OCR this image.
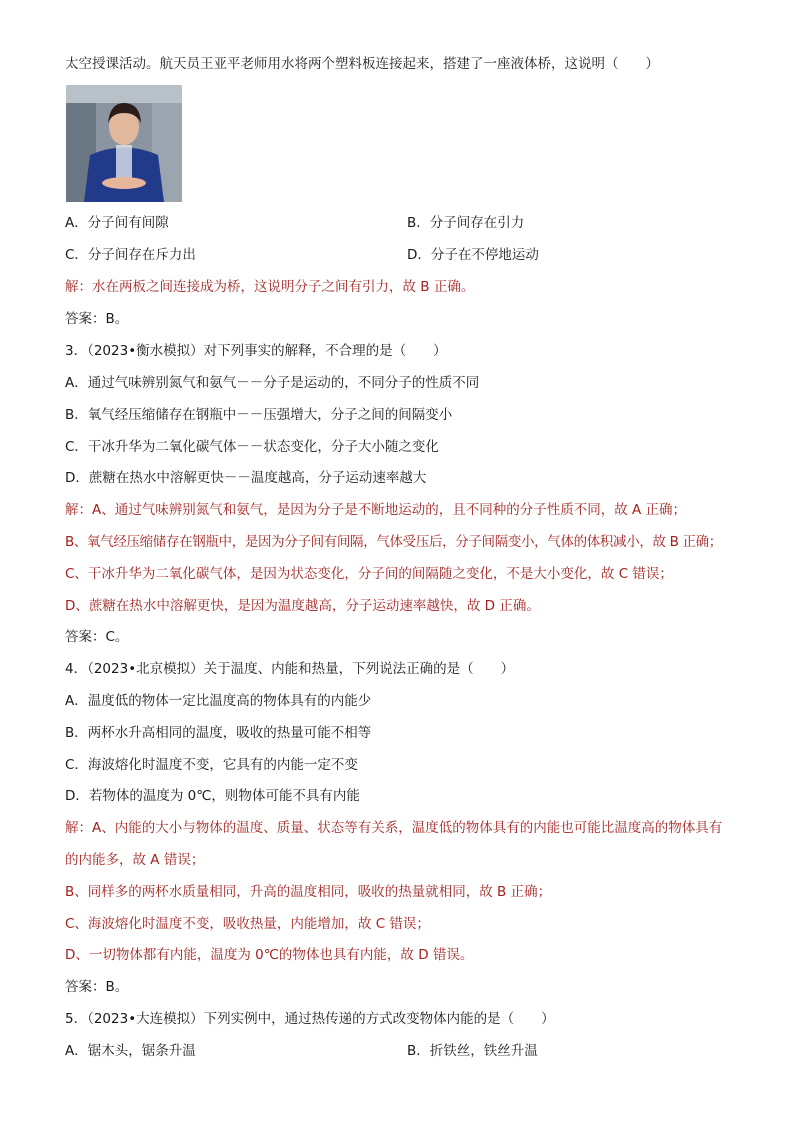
太空授课活动。航天员王亚平老师用水将两个塑料板连接起来，搭建了一座液体桥，这说明（　　）
A．分子间有间隙	B．分子间存在引力
C．分子间存在斥力出	D．分子在不停地运动
解：水在两板之间连接成为桥，这说明分子之间有引力，故 B 正确。
答案：B。
3．（2023•衡水模拟）对下列事实的解释，不合理的是（　　）
A．通过气味辨别氮气和氨气－－分子是运动的，不同分子的性质不同
B．氧气经压缩储存在钢瓶中－－压强增大，分子之间的间隔变小
C．干冰升华为二氧化碳气体－－状态变化，分子大小随之变化
D．蔗糖在热水中溶解更快－－温度越高，分子运动速率越大
解：A、通过气味辨别氮气和氨气，是因为分子是不断地运动的，且不同种的分子性质不同，故 A 正确；
B、氧气经压缩储存在钢瓶中，是因为分子间有间隔，气体受压后，分子间隔变小，气体的体积减小，故 B 正确；
C、干冰升华为二氧化碳气体，是因为状态变化，分子间的间隔随之变化，不是大小变化，故 C 错误；
D、蔗糖在热水中溶解更快，是因为温度越高，分子运动速率越快，故 D 正确。
答案：C。
4．（2023•北京模拟）关于温度、内能和热量，下列说法正确的是（　　）
A．温度低的物体一定比温度高的物体具有的内能少
B．两杯水升高相同的温度，吸收的热量可能不相等
C．海波熔化时温度不变，它具有的内能一定不变
D．若物体的温度为 0℃，则物体可能不具有内能
解：A、内能的大小与物体的温度、质量、状态等有关系，温度低的物体具有的内能也可能比温度高的物体具有
的内能多，故 A 错误；
B、同样多的两杯水质量相同，升高的温度相同，吸收的热量就相同，故 B 正确；
C、海波熔化时温度不变，吸收热量，内能增加，故 C 错误；
D、一切物体都有内能，温度为 0℃的物体也具有内能，故 D 错误。
答案：B。
5．（2023•大连模拟）下列实例中，通过热传递的方式改变物体内能的是（　　）
A．锯木头，锯条升温	B．折铁丝，铁丝升温
